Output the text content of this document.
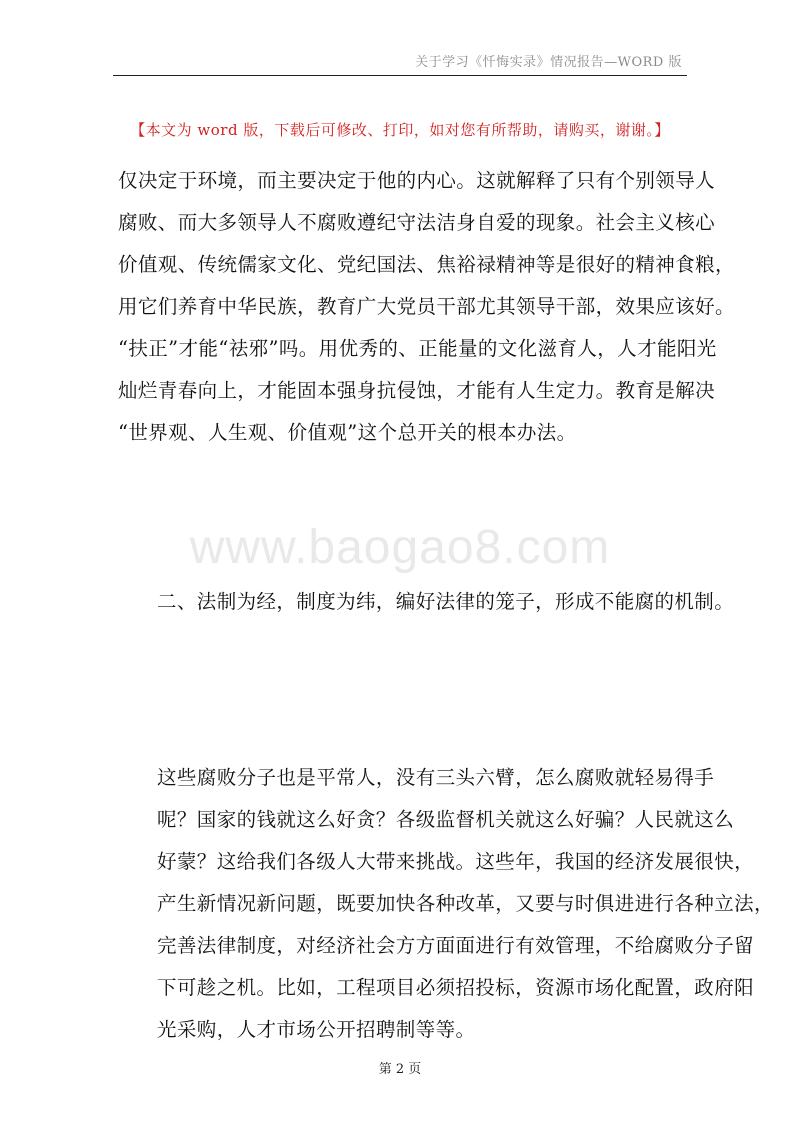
关于学习《忏悔实录》情况报告—WORD 版
【本文为 word 版，下载后可修改、打印，如对您有所帮助，请购买，谢谢。】
www.baogao8.com
仅决定于环境，而主要决定于他的内心。这就解释了只有个别领导人
腐败、而大多领导人不腐败遵纪守法洁身自爱的现象。社会主义核心
价值观、传统儒家文化、党纪国法、焦裕禄精神等是很好的精神食粮，
用它们养育中华民族，教育广大党员干部尤其领导干部，效果应该好。
“扶正”才能“祛邪”吗。用优秀的、正能量的文化滋育人，人才能阳光
灿烂青春向上，才能固本强身抗侵蚀，才能有人生定力。教育是解决
“世界观、人生观、价值观”这个总开关的根本办法。
二、法制为经，制度为纬，编好法律的笼子，形成不能腐的机制。
这些腐败分子也是平常人，没有三头六臂，怎么腐败就轻易得手
呢？国家的钱就这么好贪？各级监督机关就这么好骗？人民就这么
好蒙？这给我们各级人大带来挑战。这些年，我国的经济发展很快，
产生新情况新问题，既要加快各种改革，又要与时俱进进行各种立法，
完善法律制度，对经济社会方方面面进行有效管理，不给腐败分子留
下可趁之机。比如，工程项目必须招投标，资源市场化配置，政府阳
光采购，人才市场公开招聘制等等。
第 2 页
